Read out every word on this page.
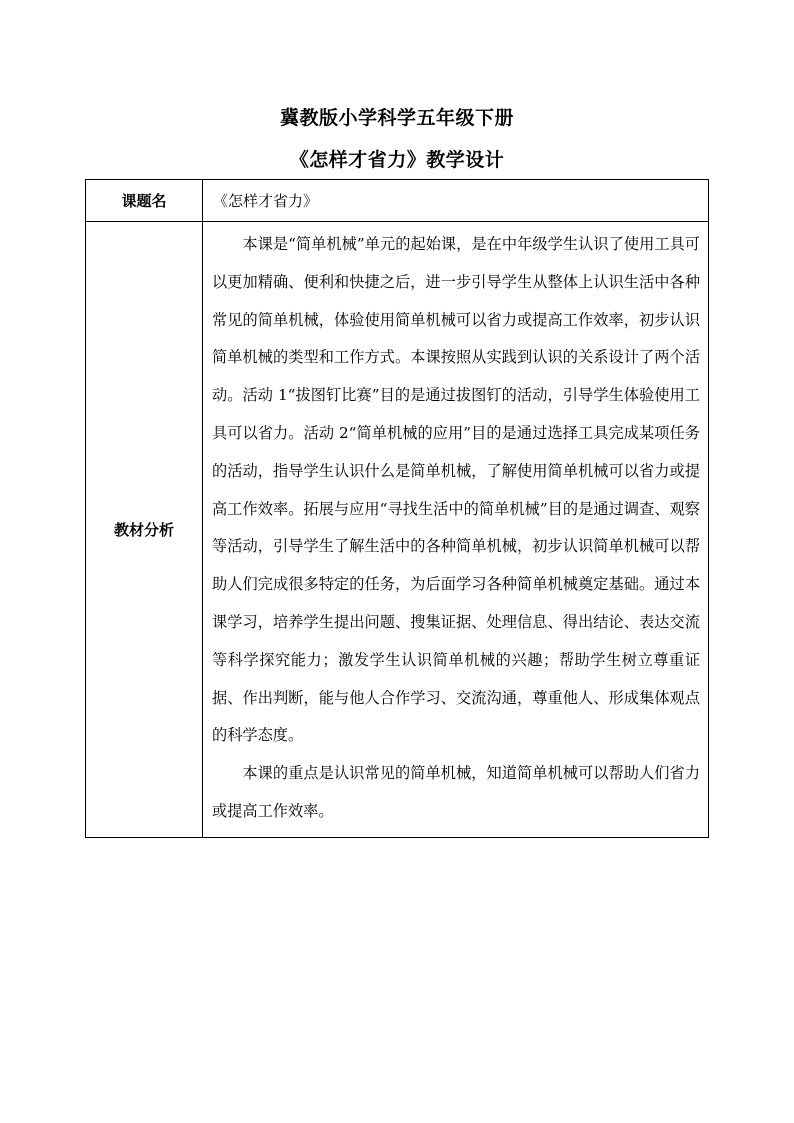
冀教版小学科学五年级下册
《怎样才省力》教学设计
课题名	《怎样才省力》
教材分析	本课是“简单机械”单元的起始课，是在中年级学生认识了使用工具可以更加精确、便利和快捷之后，进一步引导学生从整体上认识生活中各种常见的简单机械，体验使用简单机械可以省力或提高工作效率，初步认识简单机械的类型和工作方式。本课按照从实践到认识的关系设计了两个活动。活动 1“拔图钉比赛”目的是通过拔图钉的活动，引导学生体验使用工具可以省力。活动 2“简单机械的应用”目的是通过选择工具完成某项任务的活动，指导学生认识什么是简单机械，了解使用简单机械可以省力或提高工作效率。拓展与应用“寻找生活中的简单机械”目的是通过调查、观察等活动，引导学生了解生活中的各种简单机械，初步认识简单机械可以帮助人们完成很多特定的任务，为后面学习各种简单机械奠定基础。通过本课学习，培养学生提出问题、搜集证据、处理信息、得出结论、表达交流等科学探究能力；激发学生认识简单机械的兴趣；帮助学生树立尊重证据、作出判断，能与他人合作学习、交流沟通，尊重他人、形成集体观点的科学态度。

本课的重点是认识常见的简单机械，知道简单机械可以帮助人们省力或提高工作效率。
